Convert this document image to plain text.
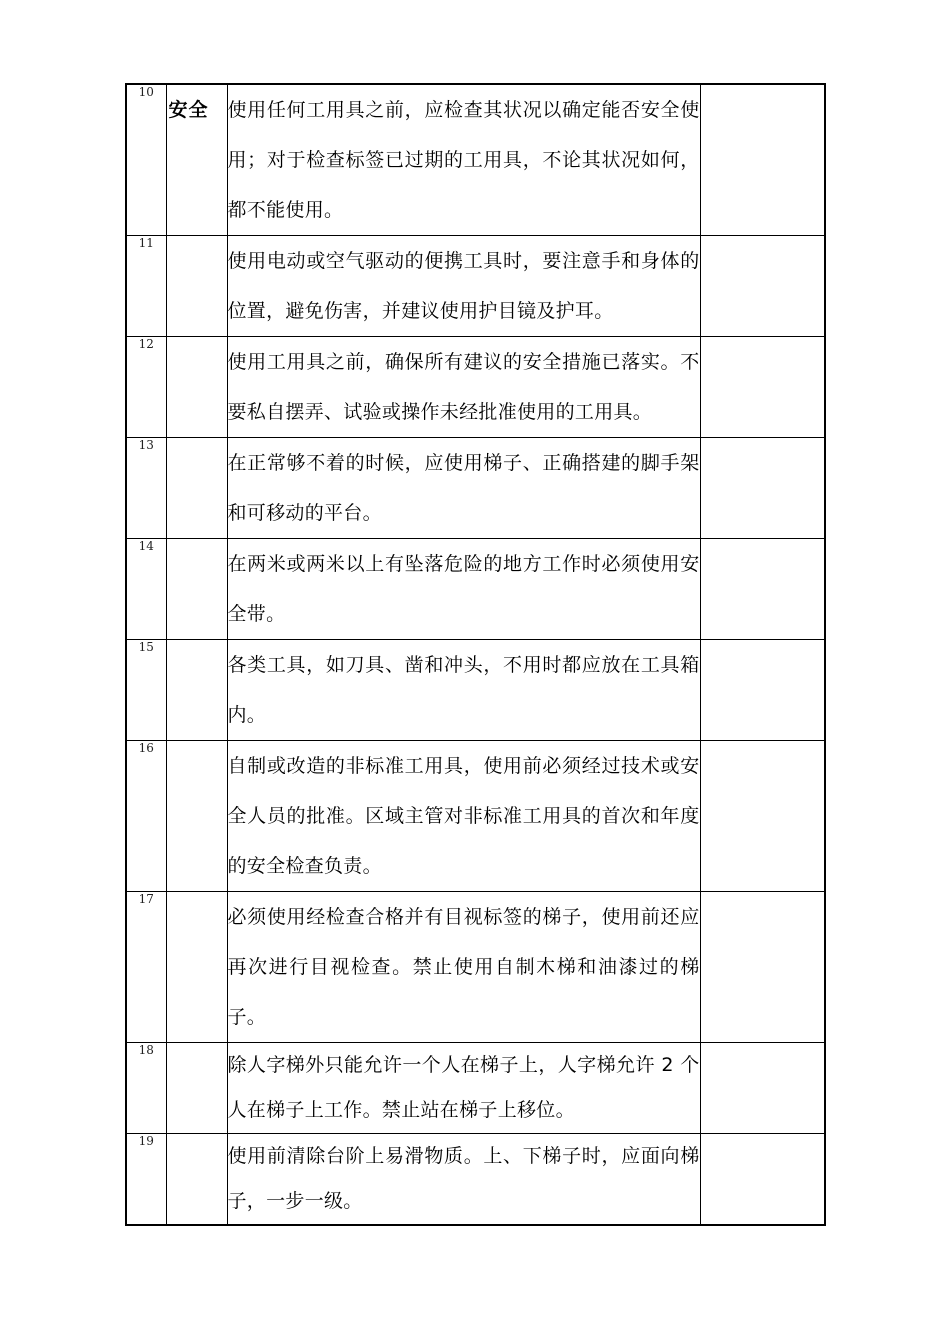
10	安全	使用任何工用具之前，应检查其状况以确定能否安全使用；对于检查标签已过期的工用具，不论其状况如何，都不能使用。	

11		使用电动或空气驱动的便携工具时，要注意手和身体的位置，避免伤害，并建议使用护目镜及护耳。	

12		使用工用具之前，确保所有建议的安全措施已落实。不要私自摆弄、试验或操作未经批准使用的工用具。	

13		在正常够不着的时候，应使用梯子、正确搭建的脚手架和可移动的平台。	

14		在两米或两米以上有坠落危险的地方工作时必须使用安全带。	

15		各类工具，如刀具、凿和冲头，不用时都应放在工具箱内。	

16		自制或改造的非标准工用具，使用前必须经过技术或安全人员的批准。区域主管对非标准工用具的首次和年度的安全检查负责。	

17		必须使用经检查合格并有目视标签的梯子，使用前还应再次进行目视检查。禁止使用自制木梯和油漆过的梯子。	

18		除人字梯外只能允许一个人在梯子上，人字梯允许 2 个人在梯子上工作。禁止站在梯子上移位。	

19		使用前清除台阶上易滑物质。上、下梯子时，应面向梯子，一步一级。	
